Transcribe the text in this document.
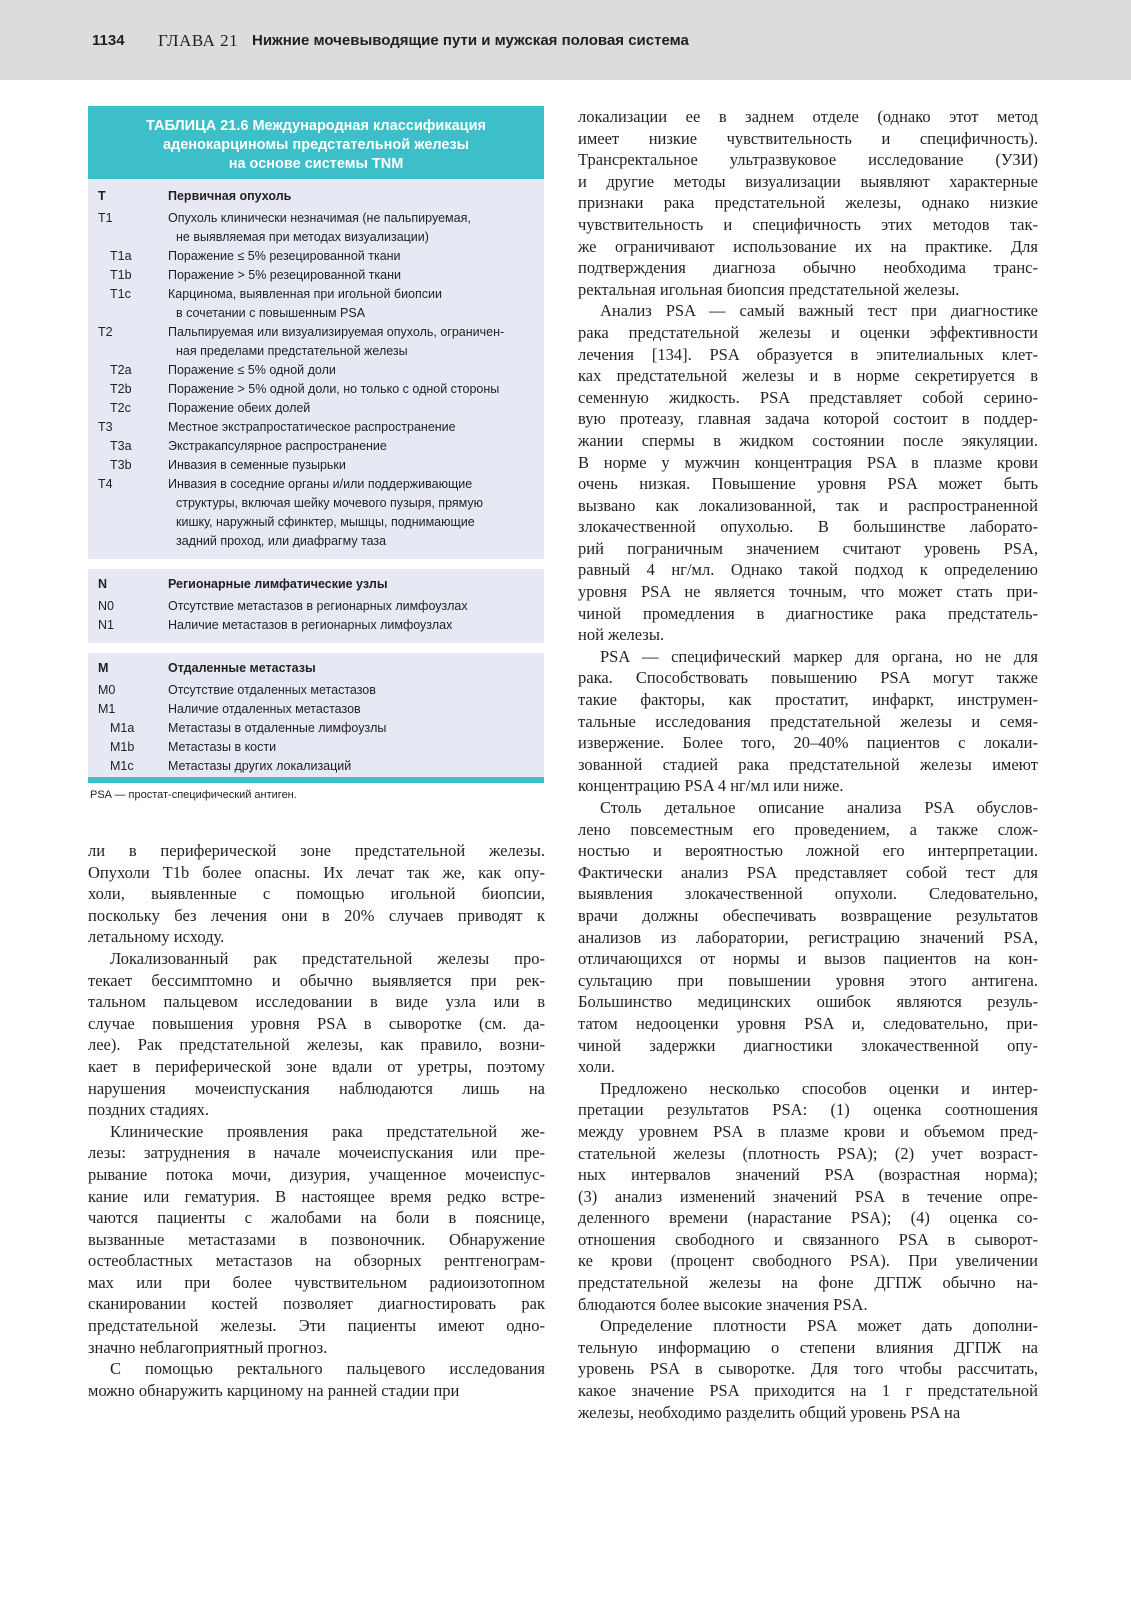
1134 ГЛАВА 21 Нижние мочевыводящие пути и мужская половая система
ТАБЛИЦА 21.6 Международная классификация
аденокарциномы предстательной железы
на основе системы TNM
T	Первичная опухоль
T1	Опухоль клинически незначимая (не пальпируемая,
не выявляемая при методах визуализации)
T1a	Поражение ≤ 5% резецированной ткани
T1b	Поражение > 5% резецированной ткани
T1c	Карцинома, выявленная при игольной биопсии
в сочетании с повышенным PSA
T2	Пальпируемая или визуализируемая опухоль, ограничен-
ная пределами предстательной железы
T2a	Поражение ≤ 5% одной доли
T2b	Поражение > 5% одной доли, но только с одной стороны
T2c	Поражение обеих долей
T3	Местное экстрапростатическое распространение
T3a	Экстракапсулярное распространение
T3b	Инвазия в семенные пузырьки
T4	Инвазия в соседние органы и/или поддерживающие
структуры, включая шейку мочевого пузыря, прямую
кишку, наружный сфинктер, мышцы, поднимающие
задний проход, или диафрагму таза
N	Регионарные лимфатические узлы
N0	Отсутствие метастазов в регионарных лимфоузлах
N1	Наличие метастазов в регионарных лимфоузлах
M	Отдаленные метастазы
M0	Отсутствие отдаленных метастазов
M1	Наличие отдаленных метастазов
M1a	Метастазы в отдаленные лимфоузлы
M1b	Метастазы в кости
M1c	Метастазы других локализаций
PSA — простат-специфический антиген.

ли в периферической зоне предстательной железы.
Опухоли T1b более опасны. Их лечат так же, как опу-
холи, выявленные с помощью игольной биопсии,
поскольку без лечения они в 20% случаев приводят к
летальному исходу.

Локализованный рак предстательной железы про-
текает бессимптомно и обычно выявляется при рек-
тальном пальцевом исследовании в виде узла или в
случае повышения уровня PSA в сыворотке (см. да-
лее). Рак предстательной железы, как правило, возни-
кает в периферической зоне вдали от уретры, поэтому
нарушения мочеиспускания наблюдаются лишь на
поздних стадиях.

Клинические проявления рака предстательной же-
лезы: затруднения в начале мочеиспускания или пре-
рывание потока мочи, дизурия, учащенное мочеиспус-
кание или гематурия. В настоящее время редко встре-
чаются пациенты с жалобами на боли в пояснице,
вызванные метастазами в позвоночник. Обнаружение
остеобластных метастазов на обзорных рентгенограм-
мах или при более чувствительном радиоизотопном
сканировании костей позволяет диагностировать рак
предстательной железы. Эти пациенты имеют одно-
значно неблагоприятный прогноз.

С помощью ректального пальцевого исследования
можно обнаружить карциному на ранней стадии при

локализации ее в заднем отделе (однако этот метод
имеет низкие чувствительность и специфичность).
Трансректальное ультразвуковое исследование (УЗИ)
и другие методы визуализации выявляют характерные
признаки рака предстательной железы, однако низкие
чувствительность и специфичность этих методов так-
же ограничивают использование их на практике. Для
подтверждения диагноза обычно необходима транс-
ректальная игольная биопсия предстательной железы.

Анализ PSA — самый важный тест при диагностике
рака предстательной железы и оценки эффективности
лечения [134]. PSA образуется в эпителиальных клет-
ках предстательной железы и в норме секретируется в
семенную жидкость. PSA представляет собой серино-
вую протеазу, главная задача которой состоит в поддер-
жании спермы в жидком состоянии после эякуляции.
В норме у мужчин концентрация PSA в плазме крови
очень низкая. Повышение уровня PSA может быть
вызвано как локализованной, так и распространенной
злокачественной опухолью. В большинстве лаборато-
рий пограничным значением считают уровень PSA,
равный 4 нг/мл. Однако такой подход к определению
уровня PSA не является точным, что может стать при-
чиной промедления в диагностике рака предстатель-
ной железы.

PSA — специфический маркер для органа, но не для
рака. Способствовать повышению PSA могут также
такие факторы, как простатит, инфаркт, инструмен-
тальные исследования предстательной железы и семя-
извержение. Более того, 20–40% пациентов с локали-
зованной стадией рака предстательной железы имеют
концентрацию PSA 4 нг/мл или ниже.

Столь детальное описание анализа PSA обуслов-
лено повсеместным его проведением, а также слож-
ностью и вероятностью ложной его интерпретации.
Фактически анализ PSA представляет собой тест для
выявления злокачественной опухоли. Следовательно,
врачи должны обеспечивать возвращение результатов
анализов из лаборатории, регистрацию значений PSA,
отличающихся от нормы и вызов пациентов на кон-
сультацию при повышении уровня этого антигена.
Большинство медицинских ошибок являются резуль-
татом недооценки уровня PSA и, следовательно, при-
чиной задержки диагностики злокачественной опу-
холи.

Предложено несколько способов оценки и интер-
претации результатов PSA: (1) оценка соотношения
между уровнем PSA в плазме крови и объемом пред-
стательной железы (плотность PSA); (2) учет возраст-
ных интервалов значений PSA (возрастная норма);
(3) анализ изменений значений PSA в течение опре-
деленного времени (нарастание PSA); (4) оценка со-
отношения свободного и связанного PSA в сыворот-
ке крови (процент свободного PSA). При увеличении
предстательной железы на фоне ДГПЖ обычно на-
блюдаются более высокие значения PSA.

Определение плотности PSA может дать дополни-
тельную информацию о степени влияния ДГПЖ на
уровень PSA в сыворотке. Для того чтобы рассчитать,
какое значение PSA приходится на 1 г предстательной
железы, необходимо разделить общий уровень PSA на
